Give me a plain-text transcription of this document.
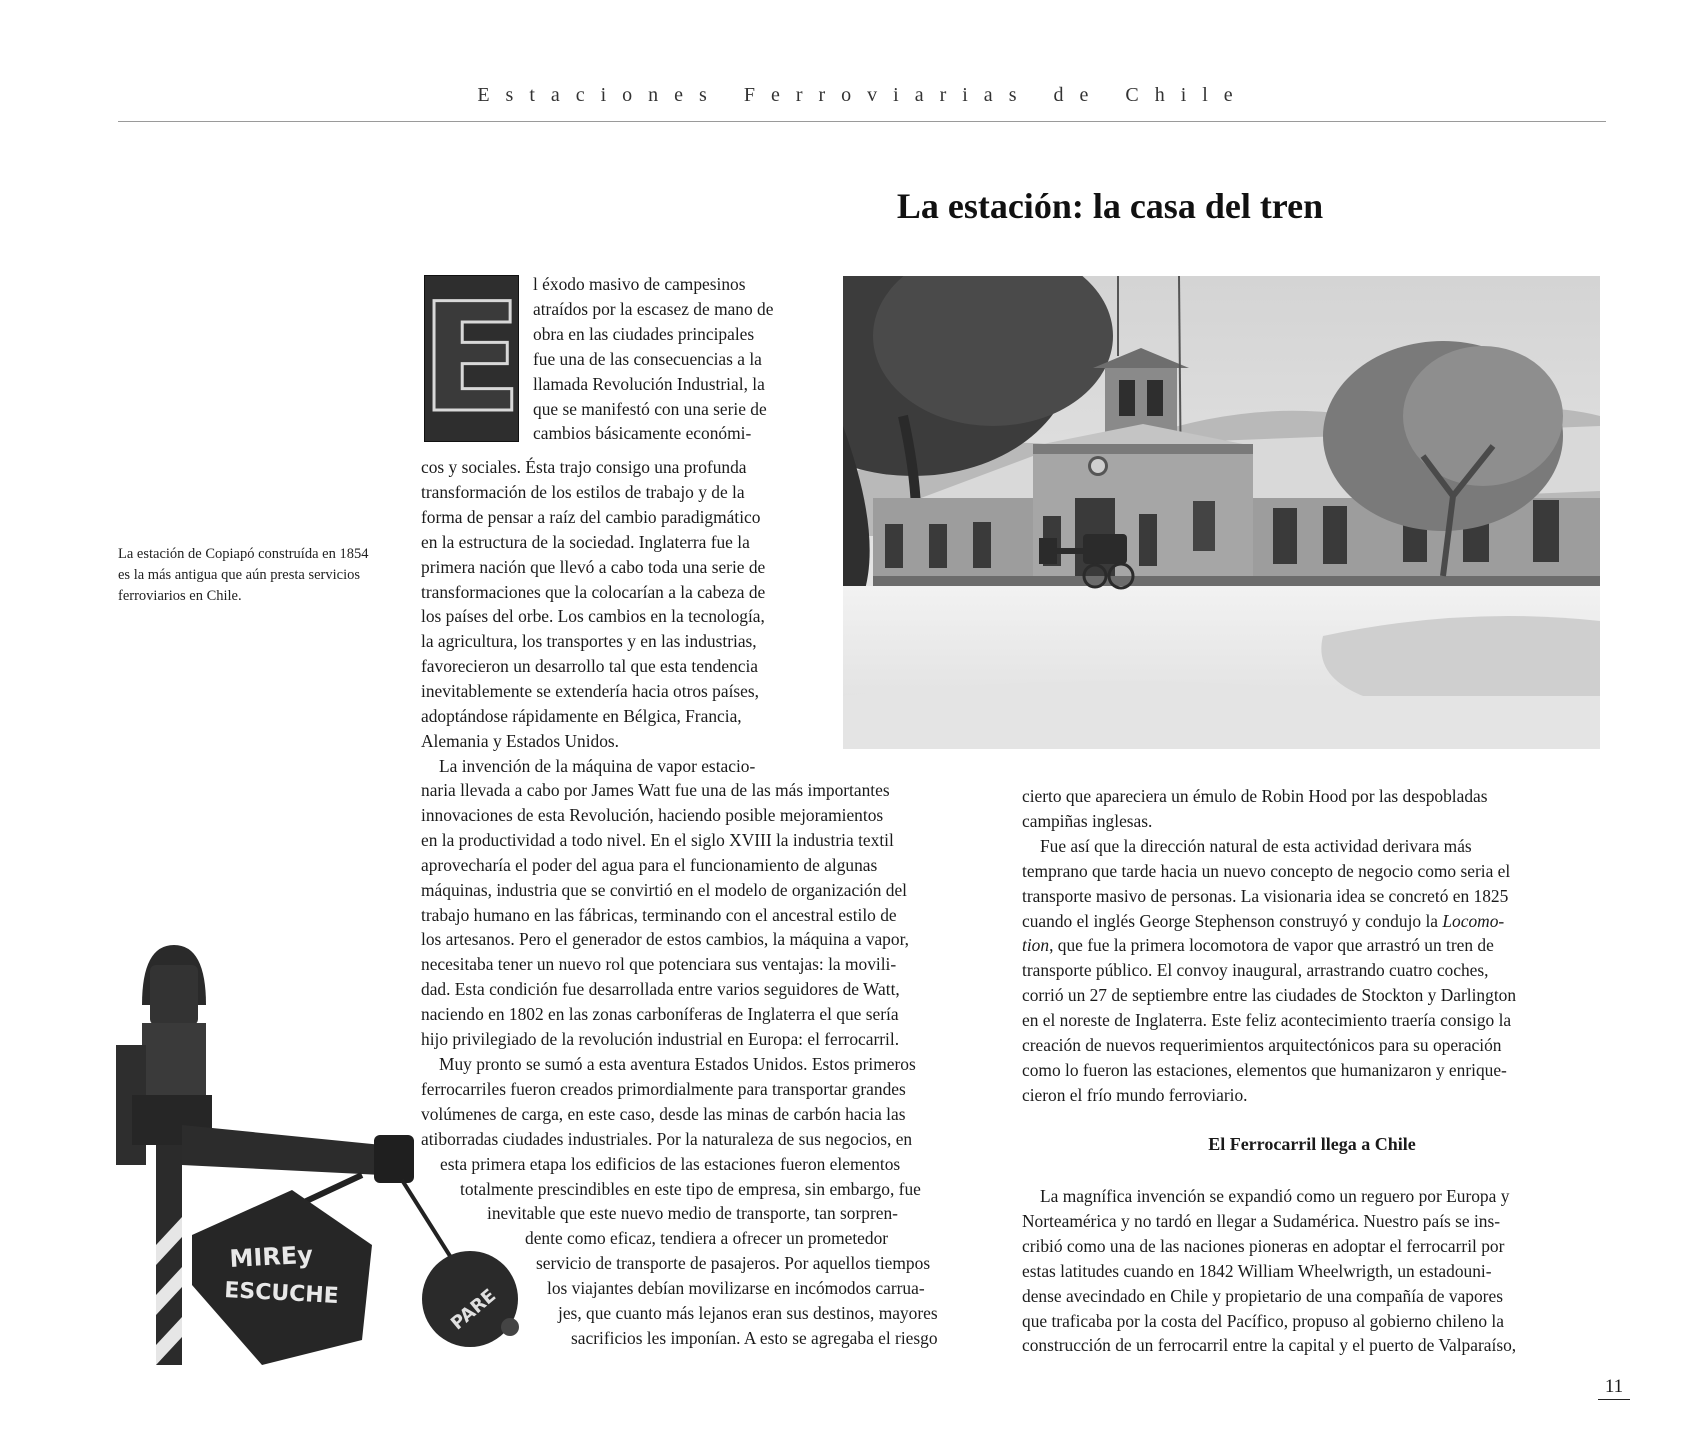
Estaciones Ferroviarias de Chile
La estación: la casa del tren
La estación de Copiapó construída en 1854 es la más antigua que aún presta servicios ferroviarios en Chile.
E l éxodo masivo de campesinos
atraídos por la escasez de mano de
obra en las ciudades principales
fue una de las consecuencias a la
llamada Revolución Industrial, la
que se manifestó con una serie de
cambios básicamente económi-
cos y sociales. Ésta trajo consigo una profunda
transformación de los estilos de trabajo y de la
forma de pensar a raíz del cambio paradigmático
en la estructura de la sociedad. Inglaterra fue la
primera nación que llevó a cabo toda una serie de
transformaciones que la colocarían a la cabeza de
los países del orbe. Los cambios en la tecnología,
la agricultura, los transportes y en las industrias,
favorecieron un desarrollo tal que esta tendencia
inevitablemente se extendería hacia otros países,
adoptándose rápidamente en Bélgica, Francia,
Alemania y Estados Unidos.
La invención de la máquina de vapor estacio-
naria llevada a cabo por James Watt fue una de las más importantes
innovaciones de esta Revolución, haciendo posible mejoramientos
en la productividad a todo nivel. En el siglo XVIII la industria textil
aprovecharía el poder del agua para el funcionamiento de algunas
máquinas, industria que se convirtió en el modelo de organización del
trabajo humano en las fábricas, terminando con el ancestral estilo de
los artesanos. Pero el generador de estos cambios, la máquina a vapor,
necesitaba tener un nuevo rol que potenciara sus ventajas: la movili-
dad. Esta condición fue desarrollada entre varios seguidores de Watt,
naciendo en 1802 en las zonas carboníferas de Inglaterra el que sería
hijo privilegiado de la revolución industrial en Europa: el ferrocarril.
Muy pronto se sumó a esta aventura Estados Unidos. Estos primeros
ferrocarriles fueron creados primordialmente para transportar grandes
volúmenes de carga, en este caso, desde las minas de carbón hacia las
atiborradas ciudades industriales. Por la naturaleza de sus negocios, en
esta primera etapa los edificios de las estaciones fueron elementos
totalmente prescindibles en este tipo de empresa, sin embargo, fue
inevitable que este nuevo medio de transporte, tan sorpren-
dente como eficaz, tendiera a ofrecer un prometedor
servicio de transporte de pasajeros. Por aquellos tiempos
los viajantes debían movilizarse en incómodos carrua-
jes, que cuanto más lejanos eran sus destinos, mayores
sacrificios les imponían. A esto se agregaba el riesgo
cierto que apareciera un émulo de Robin Hood por las despobladas
campiñas inglesas.
Fue así que la dirección natural de esta actividad derivara más
temprano que tarde hacia un nuevo concepto de negocio como seria el
transporte masivo de personas. La visionaria idea se concretó en 1825
cuando el inglés George Stephenson construyó y condujo la Locomo-
tion, que fue la primera locomotora de vapor que arrastró un tren de
transporte público. El convoy inaugural, arrastrando cuatro coches,
corrió un 27 de septiembre entre las ciudades de Stockton y Darlington
en el noreste de Inglaterra. Este feliz acontecimiento traería consigo la
creación de nuevos requerimientos arquitectónicos para su operación
como lo fueron las estaciones, elementos que humanizaron y enrique-
cieron el frío mundo ferroviario.
El Ferrocarril llega a Chile
La magnífica invención se expandió como un reguero por Europa y
Norteamérica y no tardó en llegar a Sudamérica. Nuestro país se ins-
cribió como una de las naciones pioneras en adoptar el ferrocarril por
estas latitudes cuando en 1842 William Wheelwrigth, un estadouni-
dense avecindado en Chile y propietario de una compañía de vapores
que traficaba por la costa del Pacífico, propuso al gobierno chileno la
construcción de un ferrocarril entre la capital y el puerto de Valparaíso,
MIREy
ESCUCHE	PARE
11
